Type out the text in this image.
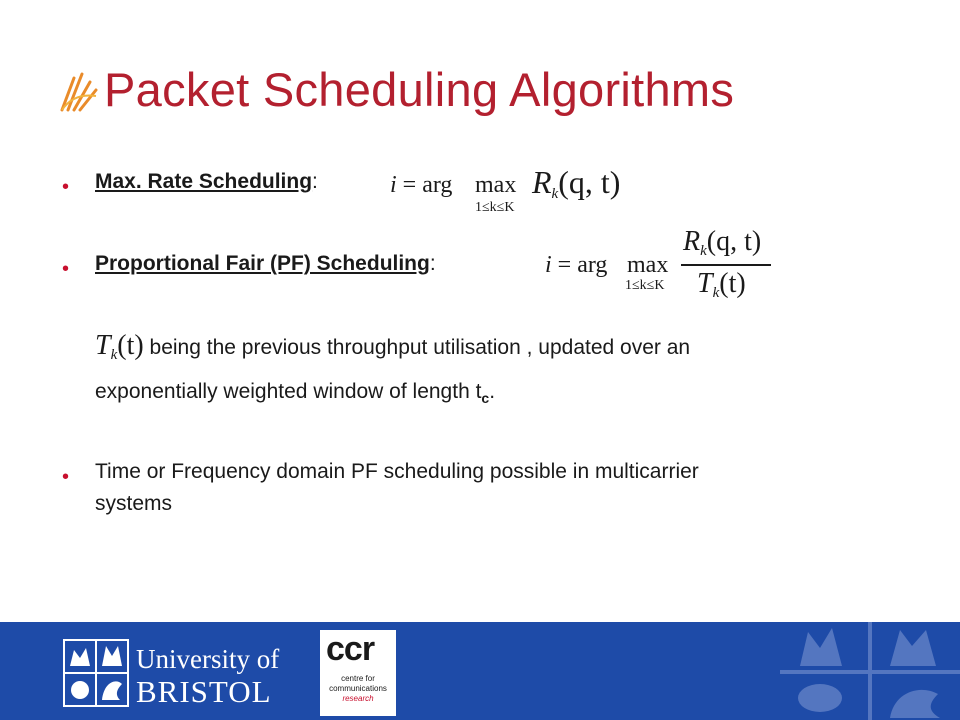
Packet Scheduling Algorithms
• Max. Rate Scheduling:	i = arg max
1≤k≤K
$R_k(q$, t)
• Proportional Fair (PF) Scheduling:	i = arg max
1≤k≤K
$R_k(q$, t)
$T_k(t)$
$T_k(t)$ being the previous throughput utilisation , updated over an
exponentially weighted window of length $t_c$.
• Time or Frequency domain PF scheduling possible in multicarrier
systems
University of
BRISTOL
ccr
centre for
communications
research
